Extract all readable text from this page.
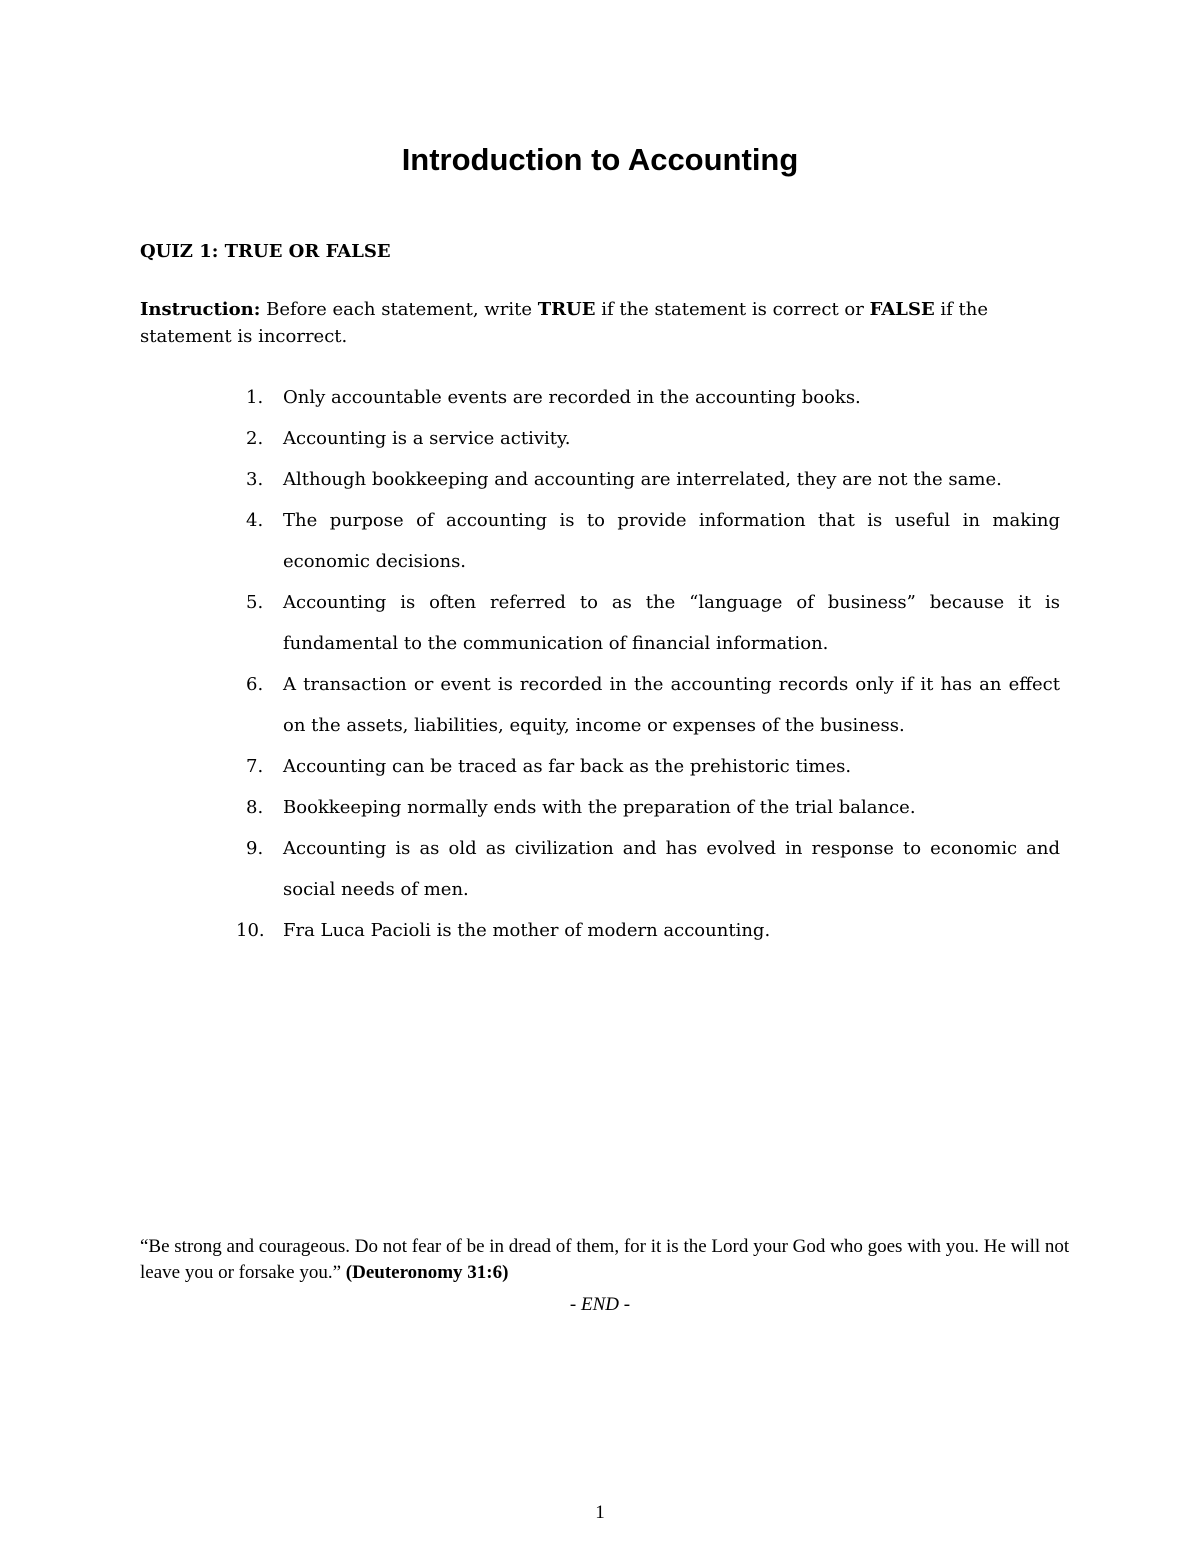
Introduction to Accounting

QUIZ 1: TRUE OR FALSE

Instruction: Before each statement, write TRUE if the statement is correct or FALSE if the statement is incorrect.

1. Only accountable events are recorded in the accounting books.
2. Accounting is a service activity.
3. Although bookkeeping and accounting are interrelated, they are not the same.
4. The purpose of accounting is to provide information that is useful in making economic decisions.
5. Accounting is often referred to as the “language of business” because it is fundamental to the communication of financial information.
6. A transaction or event is recorded in the accounting records only if it has an effect on the assets, liabilities, equity, income or expenses of the business.
7. Accounting can be traced as far back as the prehistoric times.
8. Bookkeeping normally ends with the preparation of the trial balance.
9. Accounting is as old as civilization and has evolved in response to economic and social needs of men.
10. Fra Luca Pacioli is the mother of modern accounting.

“Be strong and courageous. Do not fear of be in dread of them, for it is the Lord your God who goes with you. He will not leave you or forsake you.” (Deuteronomy 31:6)

- END -

1
